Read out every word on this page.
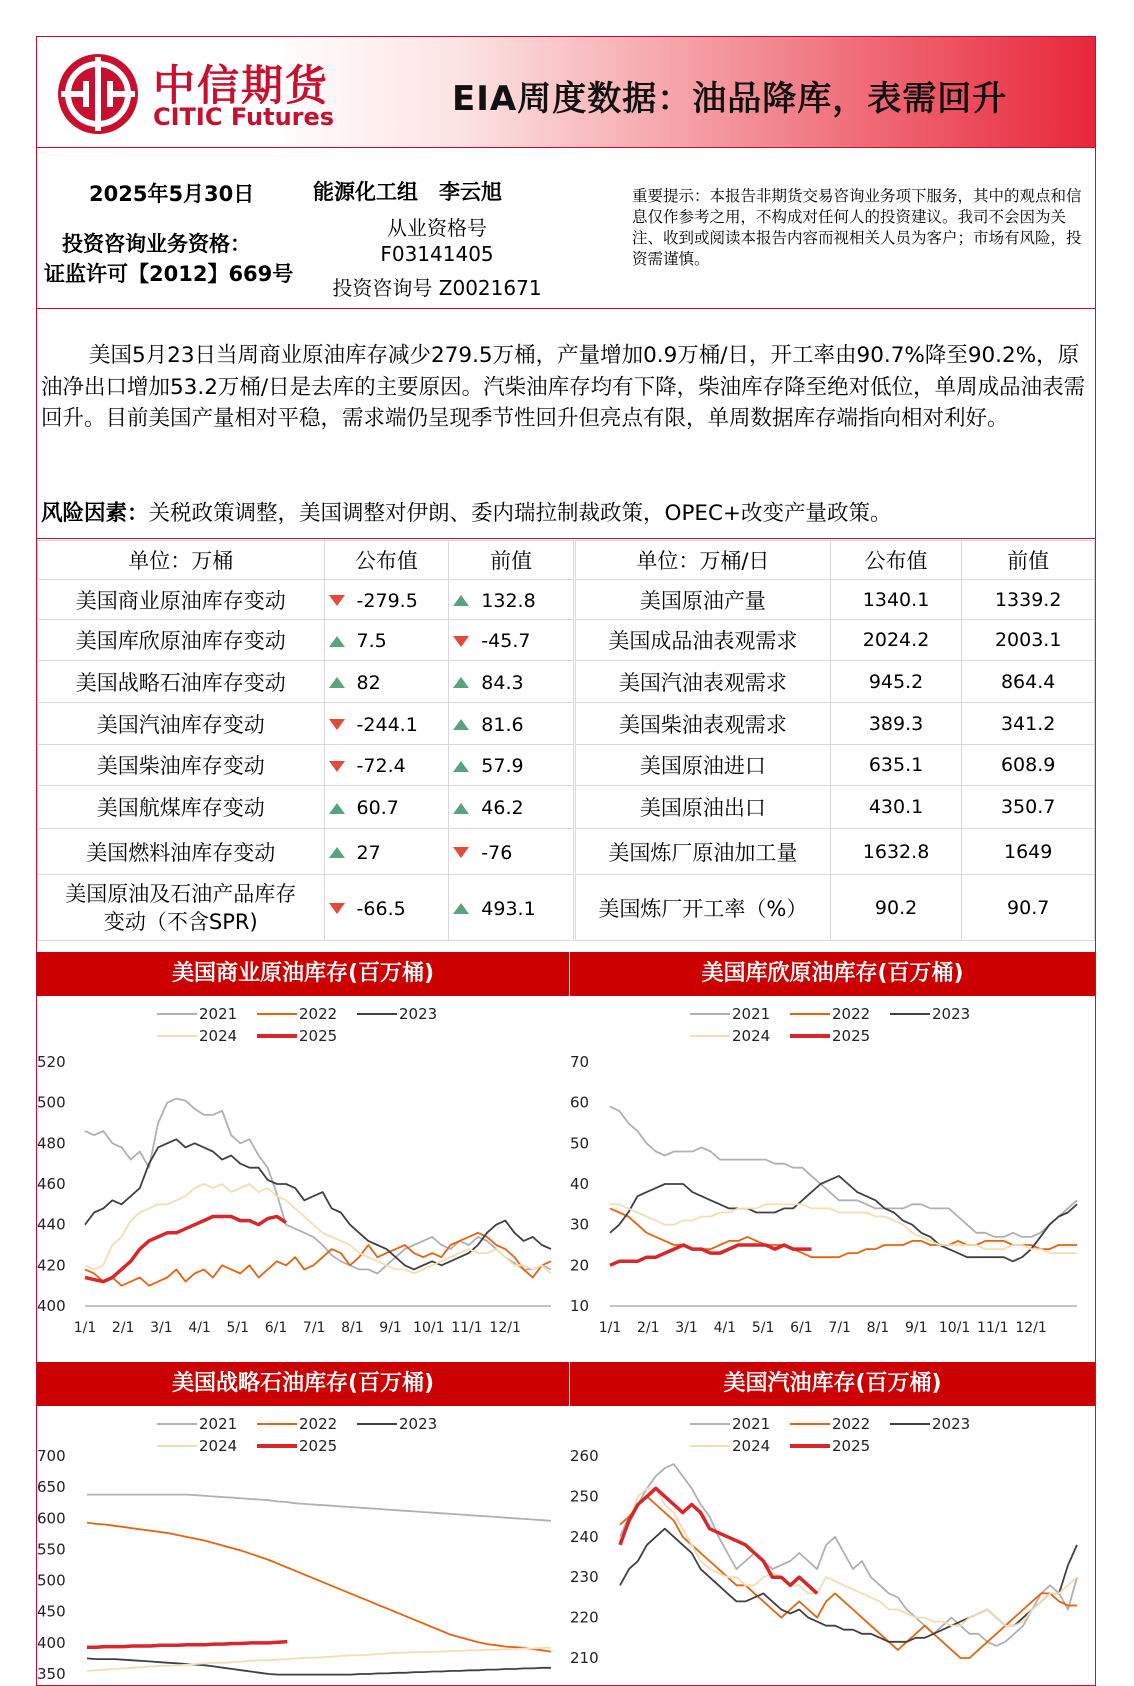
中信期货
CITIC Futures	EIA周度数据：油品降库，表需回升
2025年5月30日
投资咨询业务资格：
证监许可【2012】669号
能源化工组　李云旭
从业资格号
F03141405
投资咨询号 Z0021671
重要提示：本报告非期货交易咨询业务项下服务，其中的观点和信息仅作参考之用，不构成对任何人的投资建议。我司不会因为关注、收到或阅读本报告内容而视相关人员为客户；市场有风险，投资需谨慎。

美国5月23日当周商业原油库存减少279.5万桶，产量增加0.9万桶/日，开工率由90.7%降至90.2%，原油净出口增加53.2万桶/日是去库的主要原因。汽柴油库存均有下降，柴油库存降至绝对低位，单周成品油表需回升。目前美国产量相对平稳，需求端仍呈现季节性回升但亮点有限，单周数据库存端指向相对利好。

风险因素：关税政策调整，美国调整对伊朗、委内瑞拉制裁政策，OPEC+改变产量政策。
单位：万桶	公布值	前值
美国商业原油库存变动	-279.5	132.8
美国库欣原油库存变动	7.5	-45.7
美国战略石油库存变动	82	84.3
美国汽油库存变动	-244.1	81.6
美国柴油库存变动	-72.4	57.9
美国航煤库存变动	60.7	46.2
美国燃料油库存变动	27	-76

美国原油及石油产品库存
变动（不含SPR)	-66.5	493.1
单位：万桶/日	公布值	前值
美国原油产量	1340.1	1339.2
美国成品油表观需求	2024.2	2003.1
美国汽油表观需求	945.2	864.4
美国柴油表观需求	389.3	341.2
美国原油进口	635.1	608.9
美国原油出口	430.1	350.7
美国炼厂原油加工量	1632.8	1649
美国炼厂开工率（%）	90.2	90.7
美国商业原油库存(百万桶)	美国库欣原油库存(百万桶)
美国战略石油库存(百万桶)	美国汽油库存(百万桶)
2021	2022	2023
2024	2025
400
420
440
460
480
500
520
1/1 2/1 3/1 4/1 5/1 6/1 7/1 8/1 9/1 10/1 11/1 12/1
2021	2022	2023
2024	2025
10
20
30
40
50
60
70
1/1 2/1 3/1 4/1 5/1 6/1 7/1 8/1 9/1 10/1 11/1 12/1
2021	2022	2023
2024	2025
350
400
450
500
550
600
650
700
2021	2022	2023
2024	2025
210
220
230
240
250
260
